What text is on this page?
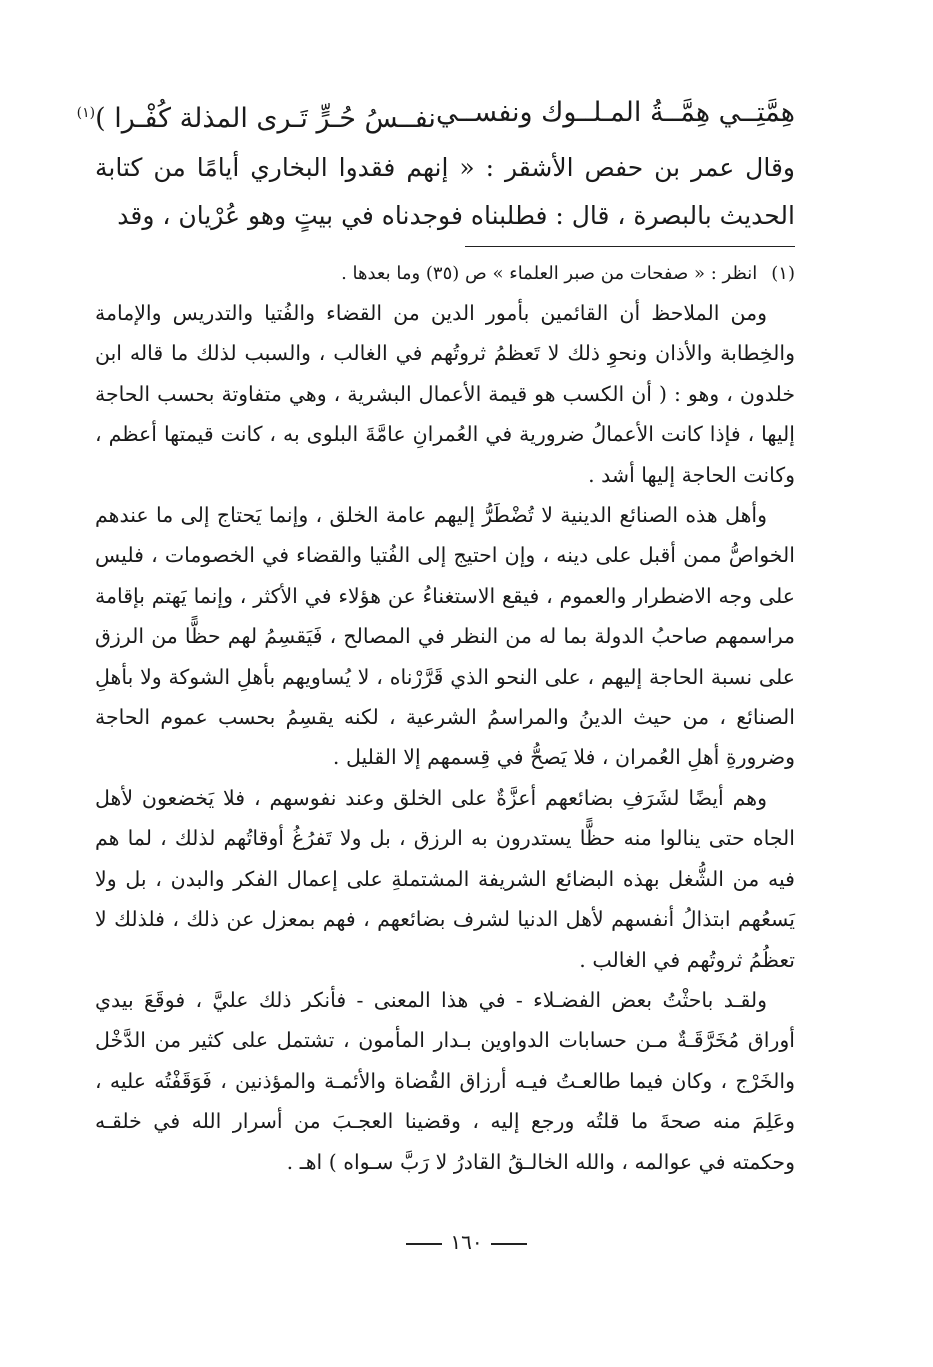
هِمَّتِــي هِمَّــةُ المـلــوك ونفســي
نفــسُ حُـرٍّ تَـرى المذلة كُفْـرا )$^{(١)}$

وقال عمر بن حفص الأشقر : « إنهم فقدوا البخاري أيامًا من كتابة الحديث بالبصرة ، قال : فطلبناه فوجدناه في بيتٍ وهو عُرْيان ، وقد

(١)
انظر : « صفحات من صبر العلماء » ص (٣٥) وما بعدها .

ومن الملاحظ أن القائمين بأمور الدين من القضاء والفُتيا والتدريس والإمامة والخِطابة والأذان ونحوِ ذلك لا تَعظمُ ثروتُهم في الغالب ، والسبب لذلك ما قاله ابن خلدون ، وهو : ( أن الكسب هو قيمة الأعمال البشرية ، وهي متفاوتة بحسب الحاجة إليها ، فإذا كانت الأعمالُ ضرورية في العُمرانِ عامَّةَ البلوى به ، كانت قيمتها أعظم ، وكانت الحاجة إليها أشد .

وأهل هذه الصنائع الدينية لا تُضْطَرُّ إليهم عامة الخلق ، وإنما يَحتاج إلى ما عندهم الخواصُّ ممن أقبل على دينه ، وإن احتيج إلى الفُتيا والقضاء في الخصومات ، فليس على وجه الاضطرار والعموم ، فيقع الاستغناءُ عن هؤلاء في الأكثر ، وإنما يَهتم بإقامة مراسمهم صاحبُ الدولة بما له من النظر في المصالح ، فَيَقسِمُ لهم حظًّا من الرزق على نسبة الحاجة إليهم ، على النحو الذي قَرَّرْناه ، لا يُساويهم بأهلِ الشوكة ولا بأهلِ الصنائع ، من حيث الدينُ والمراسمُ الشرعية ، لكنه يقسِمُ بحسب عموم الحاجة وضرورةِ أهلِ العُمران ، فلا يَصحُّ في قِسمهم إلا القليل .

وهم أيضًا لشَرَفِ بضائعهم أعزَّةٌ على الخلق وعند نفوسهم ، فلا يَخضعون لأهل الجاه حتى ينالوا منه حظًّا يستدرون به الرزق ، بل ولا تَفرُغُ أوقاتُهم لذلك ، لما هم فيه من الشُّغل بهذه البضائع الشريفة المشتملةِ على إعمال الفكر والبدن ، بل ولا يَسعُهم ابتذالُ أنفسهم لأهل الدنيا لشرف بضائعهم ، فهم بمعزل عن ذلك ، فلذلك لا تعظُمُ ثروتُهم في الغالب .

ولقـد باحثْتُ بعض الفضـلاء - في هذا المعنى - فأنكر ذلك عليَّ ، فوقَعَ بيدي أوراق مُخَرَّقَـةٌ مـن حسابات الدواوين بـدار المأمون ، تشتمل على كثير من الدَّخْل والخَرْج ، وكان فيما طالعـتُ فيـه أرزاق القُضاة والأئمـة والمؤذنين ، فَوَقَفْتُه عليه ، وعَلِمَ منه صحةَ ما قلتُه ورجع إليه ، وقضينا العجـبَ من أسرار الله في خلقـه وحكمته في عوالمه ، والله الخالـقُ القادرُ لا رَبَّ سـواه ) اهـ .

١٦٠
